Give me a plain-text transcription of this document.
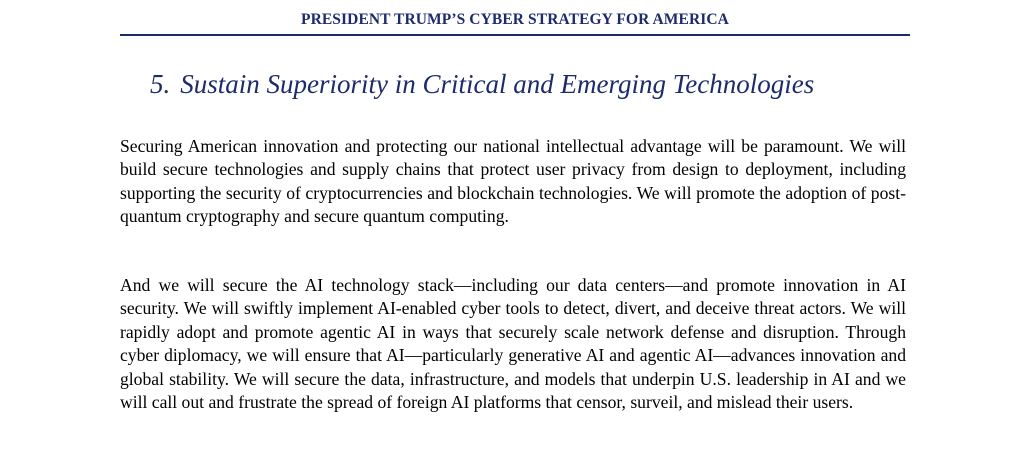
PRESIDENT TRUMP’S CYBER STRATEGY FOR AMERICA
5. Sustain Superiority in Critical and Emerging Technologies

Securing American innovation and protecting our national intellectual advantage will be paramount. We will build secure technologies and supply chains that protect user privacy from design to deployment, including supporting the security of cryptocurrencies and blockchain technologies. We will promote the adoption of post-quantum cryptography and secure quantum computing.

And we will secure the AI technology stack—including our data centers—and promote innovation in AI security. We will swiftly implement AI-enabled cyber tools to detect, divert, and deceive threat actors. We will rapidly adopt and promote agentic AI in ways that securely scale network defense and disruption. Through cyber diplomacy, we will ensure that AI—particularly generative AI and agentic AI—advances innovation and global stability. We will secure the data, infrastructure, and models that underpin U.S. leadership in AI and we will call out and frustrate the spread of foreign AI platforms that censor, surveil, and mislead their users.
